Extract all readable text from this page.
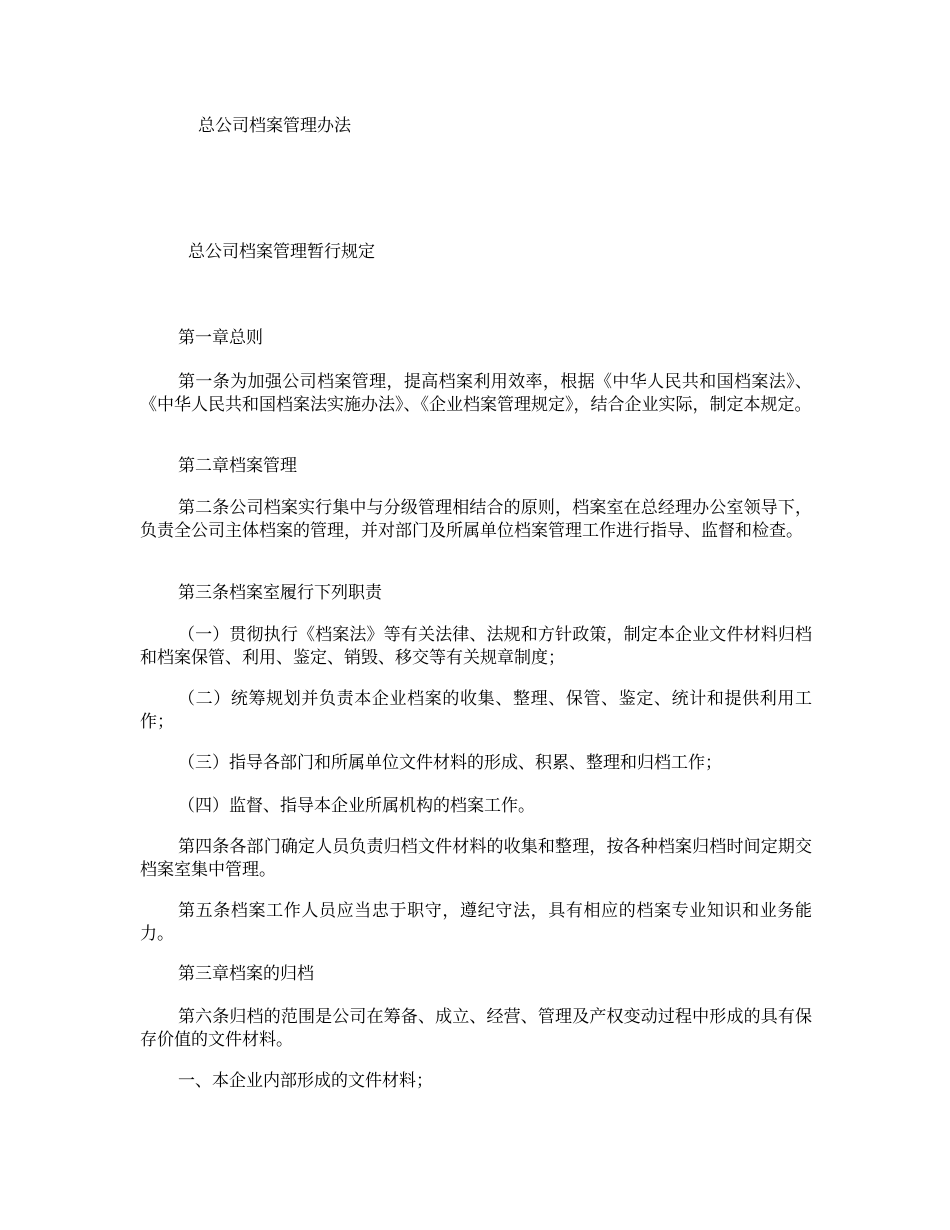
总公司档案管理办法

总公司档案管理暂行规定

第一章总则

第一条为加强公司档案管理，提高档案利用效率，根据《中华人民共和国档案法》、《中华人民共和国档案法实施办法》、《企业档案管理规定》，结合企业实际，制定本规定。

第二章档案管理

第二条公司档案实行集中与分级管理相结合的原则，档案室在总经理办公室领导下，负责全公司主体档案的管理，并对部门及所属单位档案管理工作进行指导、监督和检查。

第三条档案室履行下列职责

（一）贯彻执行《档案法》等有关法律、法规和方针政策，制定本企业文件材料归档和档案保管、利用、鉴定、销毁、移交等有关规章制度；

（二）统筹规划并负责本企业档案的收集、整理、保管、鉴定、统计和提供利用工作；

（三）指导各部门和所属单位文件材料的形成、积累、整理和归档工作；

（四）监督、指导本企业所属机构的档案工作。

第四条各部门确定人员负责归档文件材料的收集和整理，按各种档案归档时间定期交档案室集中管理。

第五条档案工作人员应当忠于职守，遵纪守法，具有相应的档案专业知识和业务能力。

第三章档案的归档

第六条归档的范围是公司在筹备、成立、经营、管理及产权变动过程中形成的具有保存价值的文件材料。

一、本企业内部形成的文件材料；
